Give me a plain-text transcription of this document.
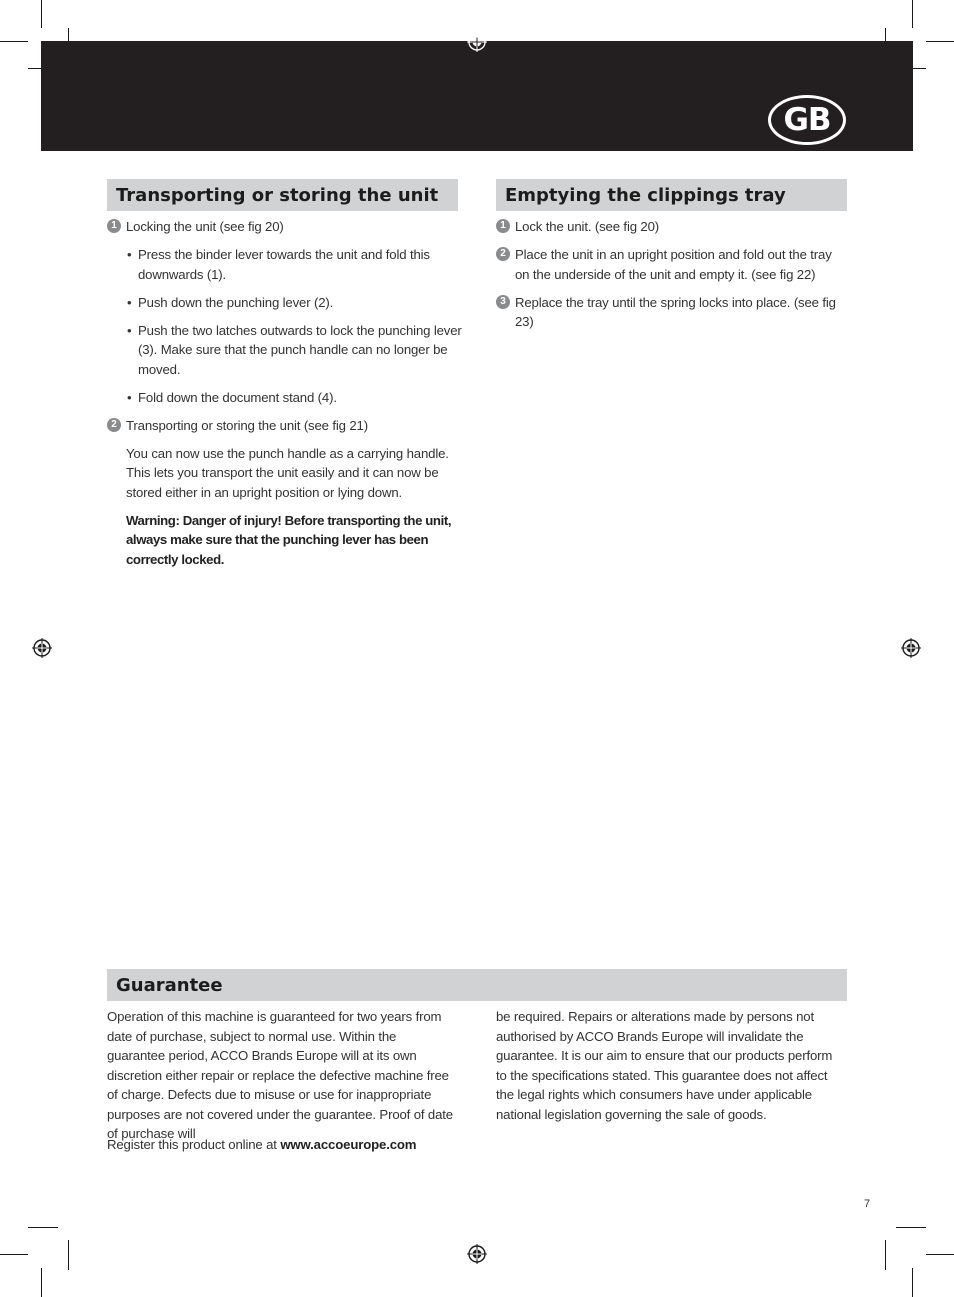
GB
Transporting or storing the unit
1 Locking the unit (see fig 20)
• Press the binder lever towards the unit and fold this downwards (1).
• Push down the punching lever (2).
• Push the two latches outwards to lock the punching lever (3). Make sure that the punch handle can no longer be moved.
• Fold down the document stand (4).
2 Transporting or storing the unit (see fig 21)
You can now use the punch handle as a carrying handle. This lets you transport the unit easily and it can now be stored either in an upright position or lying down.
Warning: Danger of injury! Before transporting the unit, always make sure that the punching lever has been correctly locked.
Emptying the clippings tray
1 Lock the unit. (see fig 20)
2 Place the unit in an upright position and fold out the tray on the underside of the unit and empty it. (see fig 22)
3 Replace the tray until the spring locks into place. (see fig 23)
Guarantee
Operation of this machine is guaranteed for two years from date of purchase, subject to normal use. Within the guarantee period, ACCO Brands Europe will at its own discretion either repair or replace the defective machine free of charge. Defects due to misuse or use for inappropriate purposes are not covered under the guarantee. Proof of date of purchase will
be required. Repairs or alterations made by persons not authorised by ACCO Brands Europe will invalidate the guarantee. It is our aim to ensure that our products perform to the specifications stated. This guarantee does not affect the legal rights which consumers have under applicable national legislation governing the sale of goods.
Register this product online at www.accoeurope.com
7
